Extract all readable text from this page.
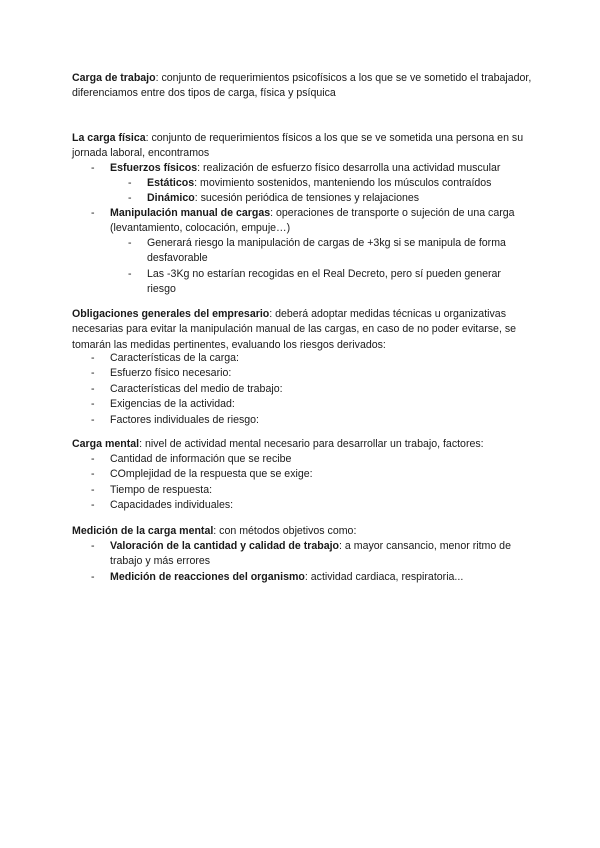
Carga de trabajo: conjunto de requerimientos psicofísicos a los que se ve sometido el trabajador, diferenciamos entre dos tipos de carga, física y psíquica

La carga física: conjunto de requerimientos físicos a los que se ve sometida una persona en su jornada laboral, encontramos

- Esfuerzos físicos: realización de esfuerzo físico desarrolla una actividad muscular
- Estáticos: movimiento sostenidos, manteniendo los músculos contraídos
- Dinámico: sucesión periódica de tensiones y relajaciones
- Manipulación manual de cargas: operaciones de transporte o sujeción de una carga (levantamiento, colocación, empuje…)
- Generará riesgo la manipulación de cargas de +3kg si se manipula de forma desfavorable
- Las -3Kg no estarían recogidas en el Real Decreto, pero sí pueden generar riesgo

Obligaciones generales del empresario: deberá adoptar medidas técnicas u organizativas necesarias para evitar la manipulación manual de las cargas, en caso de no poder evitarse, se tomarán las medidas pertinentes, evaluando los riesgos derivados:

- Características de la carga:
- Esfuerzo físico necesario:
- Características del medio de trabajo:
- Exigencias de la actividad:
- Factores individuales de riesgo:

Carga mental: nivel de actividad mental necesario para desarrollar un trabajo, factores:

- Cantidad de información que se recibe
- COmplejidad de la respuesta que se exige:
- Tiempo de respuesta:
- Capacidades individuales:

Medición de la carga mental: con métodos objetivos como:

- Valoración de la cantidad y calidad de trabajo: a mayor cansancio, menor ritmo de trabajo y más errores
- Medición de reacciones del organismo: actividad cardiaca, respiratoria...
